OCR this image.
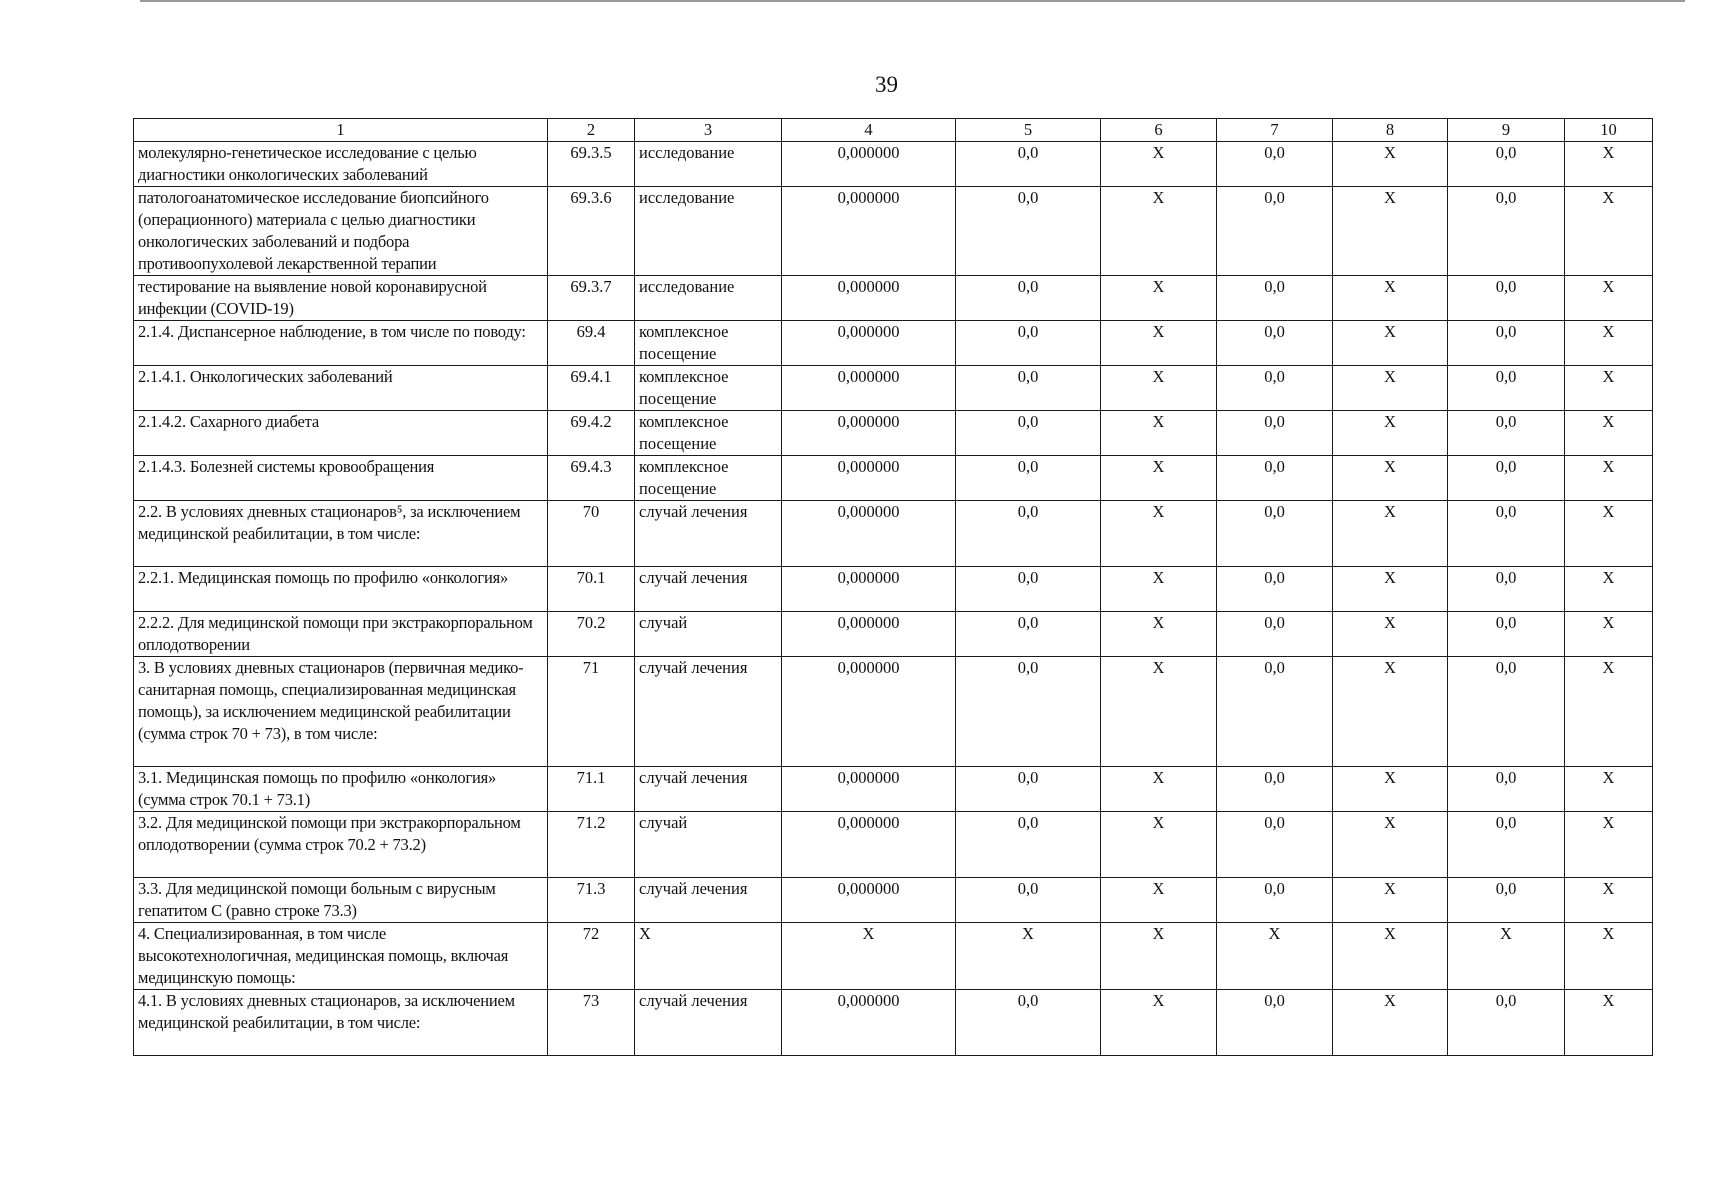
39
1	2	3	4	5	6	7	8	9	10
молекулярно-генетическое исследование с целью диагностики онкологических заболеваний	69.3.5	исследование	0,000000	0,0	X	0,0	X	0,0	X
патологоанатомическое исследование биопсийного (операционного) материала с целью диагностики онкологических заболеваний и подбора противоопухолевой лекарственной терапии	69.3.6	исследование	0,000000	0,0	X	0,0	X	0,0	X
тестирование на выявление новой коронавирусной инфекции (COVID-19)	69.3.7	исследование	0,000000	0,0	X	0,0	X	0,0	X
2.1.4. Диспансерное наблюдение, в том числе по поводу:	69.4	комплексное посещение	0,000000	0,0	X	0,0	X	0,0	X
2.1.4.1. Онкологических заболеваний	69.4.1	комплексное посещение	0,000000	0,0	X	0,0	X	0,0	X
2.1.4.2. Сахарного диабета	69.4.2	комплексное посещение	0,000000	0,0	X	0,0	X	0,0	X
2.1.4.3. Болезней системы кровообращения	69.4.3	комплексное посещение	0,000000	0,0	X	0,0	X	0,0	X
2.2. В условиях дневных стационаров⁵, за исключением медицинской реабилитации, в том числе:	70	случай лечения	0,000000	0,0	X	0,0	X	0,0	X
2.2.1. Медицинская помощь по профилю «онкология»	70.1	случай лечения	0,000000	0,0	X	0,0	X	0,0	X
2.2.2. Для медицинской помощи при экстракорпоральном оплодотворении	70.2	случай	0,000000	0,0	X	0,0	X	0,0	X
3. В условиях дневных стационаров (первичная медико-санитарная помощь, специализированная медицинская помощь), за исключением медицинской реабилитации (сумма строк 70 + 73), в том числе:	71	случай лечения	0,000000	0,0	X	0,0	X	0,0	X
3.1. Медицинская помощь по профилю «онкология» (сумма строк 70.1 + 73.1)	71.1	случай лечения	0,000000	0,0	X	0,0	X	0,0	X
3.2. Для медицинской помощи при экстракорпоральном оплодотворении (сумма строк 70.2 + 73.2)	71.2	случай	0,000000	0,0	X	0,0	X	0,0	X
3.3. Для медицинской помощи больным с вирусным гепатитом С (равно строке 73.3)	71.3	случай лечения	0,000000	0,0	X	0,0	X	0,0	X
4. Специализированная, в том числе высокотехнологичная, медицинская помощь, включая медицинскую помощь:	72	X	X	X	X	X	X	X	X
4.1. В условиях дневных стационаров, за исключением медицинской реабилитации, в том числе:	73	случай лечения	0,000000	0,0	X	0,0	X	0,0	X
